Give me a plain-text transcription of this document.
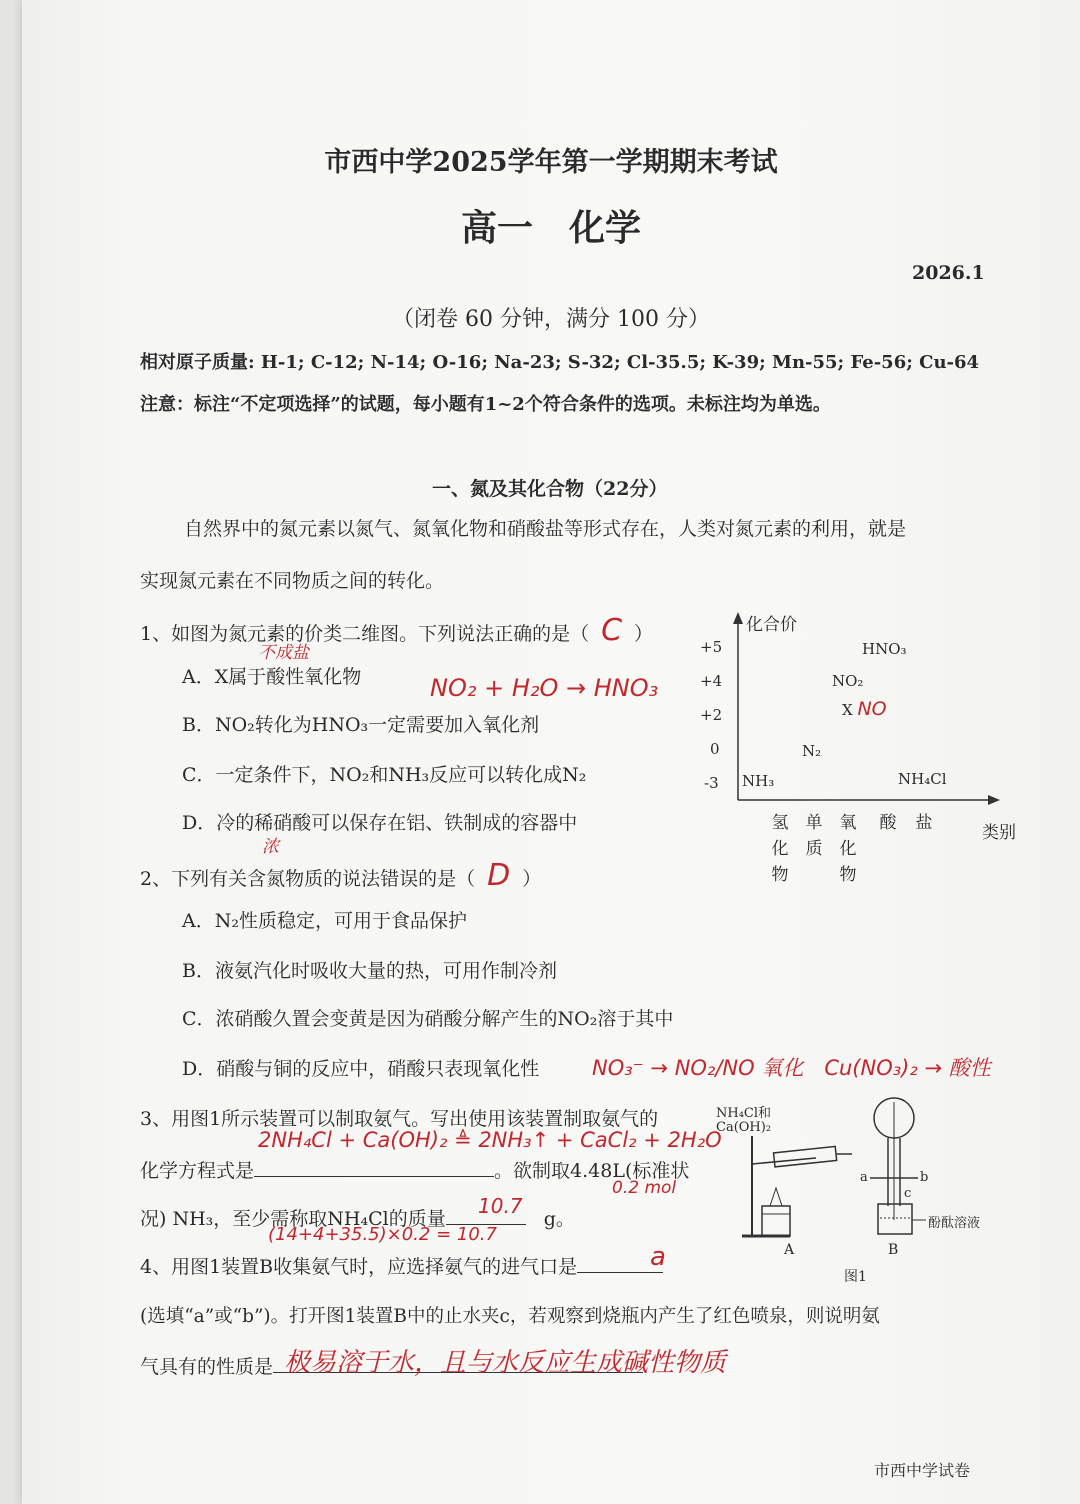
市西中学2025学年第一学期期末考试
高一　化学
2026.1
（闭卷 60 分钟，满分 100 分）
相对原子质量: H-1; C-12; N-14; O-16; Na-23; S-32; Cl-35.5; K-39; Mn-55; Fe-56; Cu-64
注意：标注“不定项选择”的试题，每小题有1~2个符合条件的选项。未标注均为单选。
一、氮及其化合物（22分）
自然界中的氮元素以氮气、氮氧化物和硝酸盐等形式存在，人类对氮元素的利用，就是
实现氮元素在不同物质之间的转化。
1、如图为氮元素的价类二维图。下列说法正确的是（ C ）
不成盐
A．X属于酸性氧化物	NO₂ + H₂O → HNO₃
B．NO₂转化为HNO₃一定需要加入氧化剂
C．一定条件下，NO₂和NH₃反应可以转化成N₂
D．冷的稀硝酸可以保存在铝、铁制成的容器中
浓
化合价
+5
+4
+2
0
-3
HNO₃
NO₂
X NO
N₂
NH₃	NH₄Cl
氢化物
单质
氧化物
酸 盐	类别
2、下列有关含氮物质的说法错误的是（ D ）
A．N₂性质稳定，可用于食品保护
B．液氨汽化时吸收大量的热，可用作制冷剂
C．浓硝酸久置会变黄是因为硝酸分解产生的NO₂溶于其中
D．硝酸与铜的反应中，硝酸只表现氧化性	NO₃⁻ → NO₂/NO 氧化　Cu(NO₃)₂ → 酸性
3、用图1所示装置可以制取氨气。写出使用该装置制取氨气的
2NH₄Cl + Ca(OH)₂ ≜ 2NH₃↑ + CaCl₂ + 2H₂O
化学方程式是	。欲制取4.48L(标准状
0.2 mol
况) NH₃，至少需称取NH₄Cl的质量	g。
10.7
(14+4+35.5)×0.2 = 10.7
4、用图1装置B收集氨气时，应选择氨气的进气口是	a
(选填“a”或“b”)。打开图1装置B中的止水夹c，若观察到烧瓶内产生了红色喷泉，则说明氨
气具有的性质是 极易溶于水，且与水反应生成碱性物质
NH₄Cl和
Ca(OH)₂
a	b
c
酚酞溶液
A	B
图1
市西中学试卷
